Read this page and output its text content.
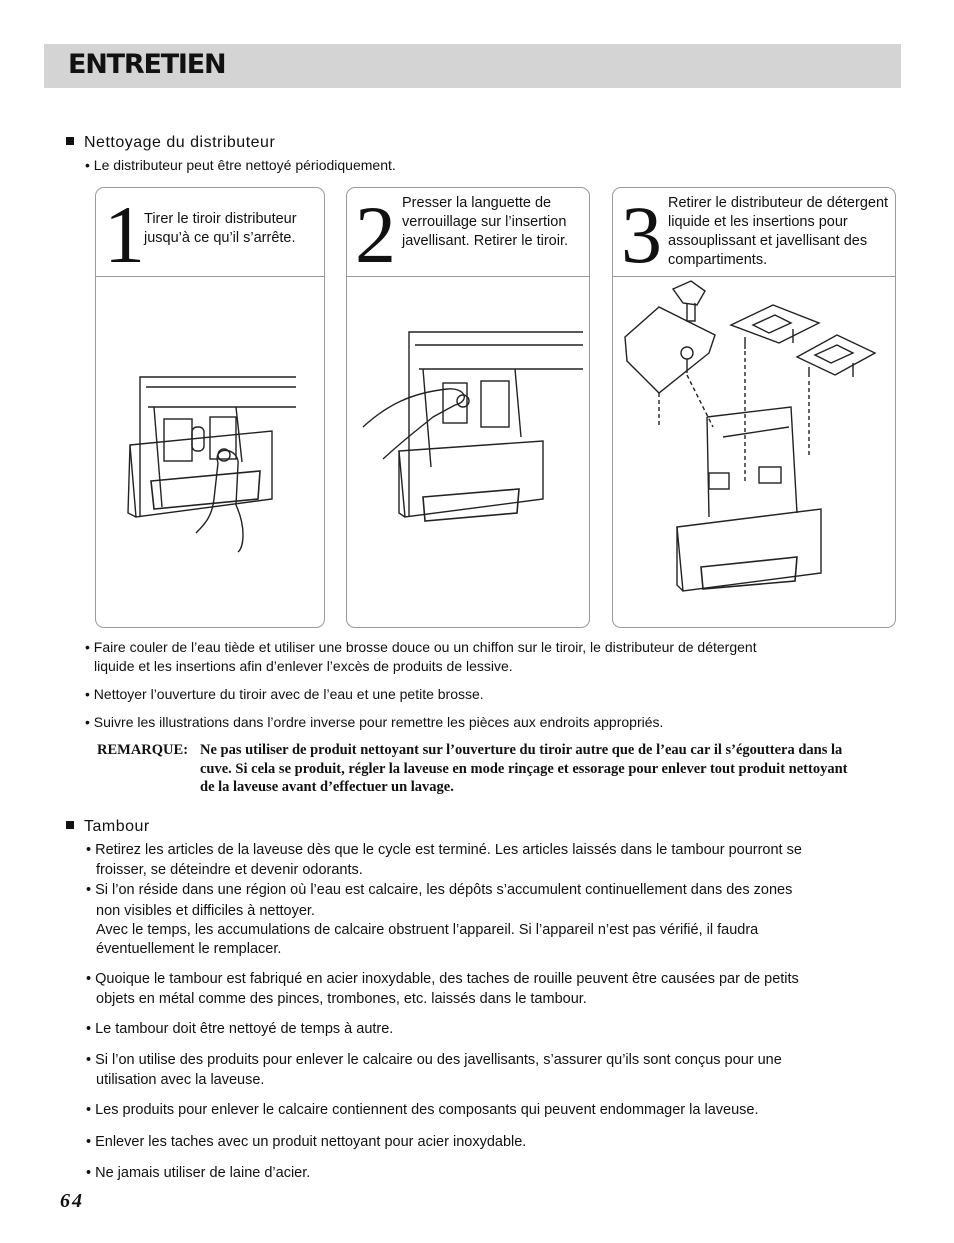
ENTRETIEN
Nettoyage du distributeur
• Le distributeur peut être nettoyé périodiquement.
1 Tirer le tiroir distributeur jusqu’à ce qu’il s’arrête. 2 Presser la languette de verrouillage sur l’insertion javellisant. Retirer le tiroir. 3 Retirer le distributeur de détergent liquide et les insertions pour assouplissant et javellisant des compartiments.
• Faire couler de l’eau tiède et utiliser une brosse douce ou un chiffon sur le tiroir, le distributeur de détergent
liquide et les insertions afin d’enlever l’excès de produits de lessive.
• Nettoyer l’ouverture du tiroir avec de l’eau et une petite brosse.
• Suivre les illustrations dans l’ordre inverse pour remettre les pièces aux endroits appropriés.
REMARQUE: Ne pas utiliser de produit nettoyant sur l’ouverture du tiroir autre que de l’eau car il s’égouttera dans la cuve. Si cela se produit, régler la laveuse en mode rinçage et essorage pour enlever tout produit nettoyant de la laveuse avant d’effectuer un lavage.
Tambour
• Retirez les articles de la laveuse dès que le cycle est terminé. Les articles laissés dans le tambour pourront se
froisser, se déteindre et devenir odorants.
• Si l’on réside dans une région où l’eau est calcaire, les dépôts s’accumulent continuellement dans des zones
non visibles et difficiles à nettoyer.
Avec le temps, les accumulations de calcaire obstruent l’appareil. Si l’appareil n’est pas vérifié, il faudra
éventuellement le remplacer.
• Quoique le tambour est fabriqué en acier inoxydable, des taches de rouille peuvent être causées par de petits
objets en métal comme des pinces, trombones, etc. laissés dans le tambour.
• Le tambour doit être nettoyé de temps à autre.
• Si l’on utilise des produits pour enlever le calcaire ou des javellisants, s’assurer qu’ils sont conçus pour une
utilisation avec la laveuse.
• Les produits pour enlever le calcaire contiennent des composants qui peuvent endommager la laveuse.
• Enlever les taches avec un produit nettoyant pour acier inoxydable.
• Ne jamais utiliser de laine d’acier.
64
